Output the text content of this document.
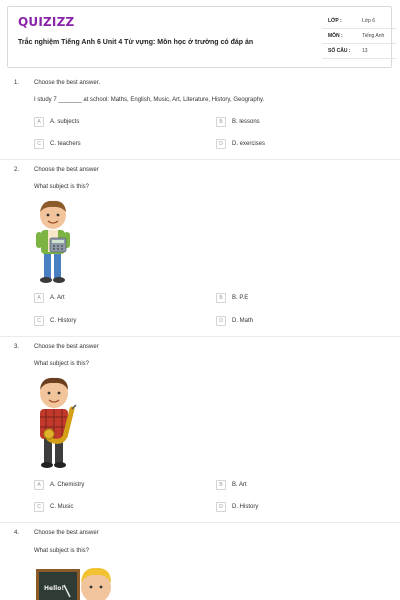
QUIZIZZ
Trắc nghiệm Tiếng Anh 6 Unit 4 Từ vựng: Môn học ở trường có đáp án
LỚP :	Lớp 6
MÔN :	Tiếng Anh
SỐ CÂU : 13
1. Choose the best answer.
I study 7 _______ at school: Maths, English, Music, Art, Literature, History, Geography.
A	A. subjects	B	B. lessons
C	C. teachers	D	D. exercises
2. Choose the best answer
What subject is this?
A	A. Art	B	B. P.E
C	C. History	D	D. Math
3. Choose the best answer
What subject is this?
A	A. Chemistry	B	B. Art
C	C. Music	D	D. History
4. Choose the best answer
What subject is this?
Hello!
